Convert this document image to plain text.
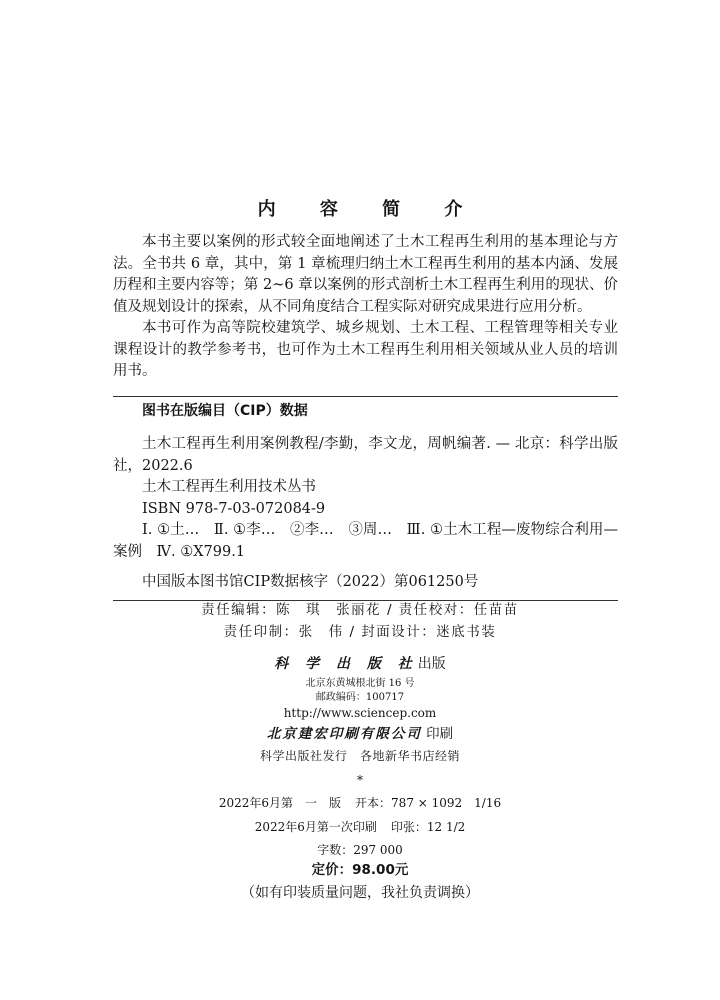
内 容 简 介

本书主要以案例的形式较全面地阐述了土木工程再生利用的基本理论与方法。全书共 6 章，其中，第 1 章梳理归纳土木工程再生利用的基本内涵、发展历程和主要内容等；第 2~6 章以案例的形式剖析土木工程再生利用的现状、价值及规划设计的探索，从不同角度结合工程实际对研究成果进行应用分析。

本书可作为高等院校建筑学、城乡规划、土木工程、工程管理等相关专业课程设计的教学参考书，也可作为土木工程再生利用相关领域从业人员的培训用书。

图书在版编目（CIP）数据

土木工程再生利用案例教程/李勤，李文龙，周帆编著. — 北京：科学出版社，2022.6

土木工程再生利用技术丛书

ISBN 978-7-03-072084-9

Ⅰ. ①土…　Ⅱ. ①李…　②李…　③周…　Ⅲ. ①土木工程—废物综合利用—案例　Ⅳ. ①X799.1

中国版本图书馆CIP数据核字（2022）第061250号

责任编辑：陈　琪　张丽花 / 责任校对：任苗苗
责任印制：张　伟 / 封面设计：迷底书装
科 学 出 版 社出版
北京东黄城根北街 16 号
邮政编码：100717
http://www.sciencep.com
北京建宏印刷有限公司 印刷
科学出版社发行　各地新华书店经销
*
2022年6月第　一　版 开本：787 × 1092　1/16
2022年6月第一次印刷 印张：12 1/2
字数：297 000
定价：98.00元
（如有印装质量问题，我社负责调换）
